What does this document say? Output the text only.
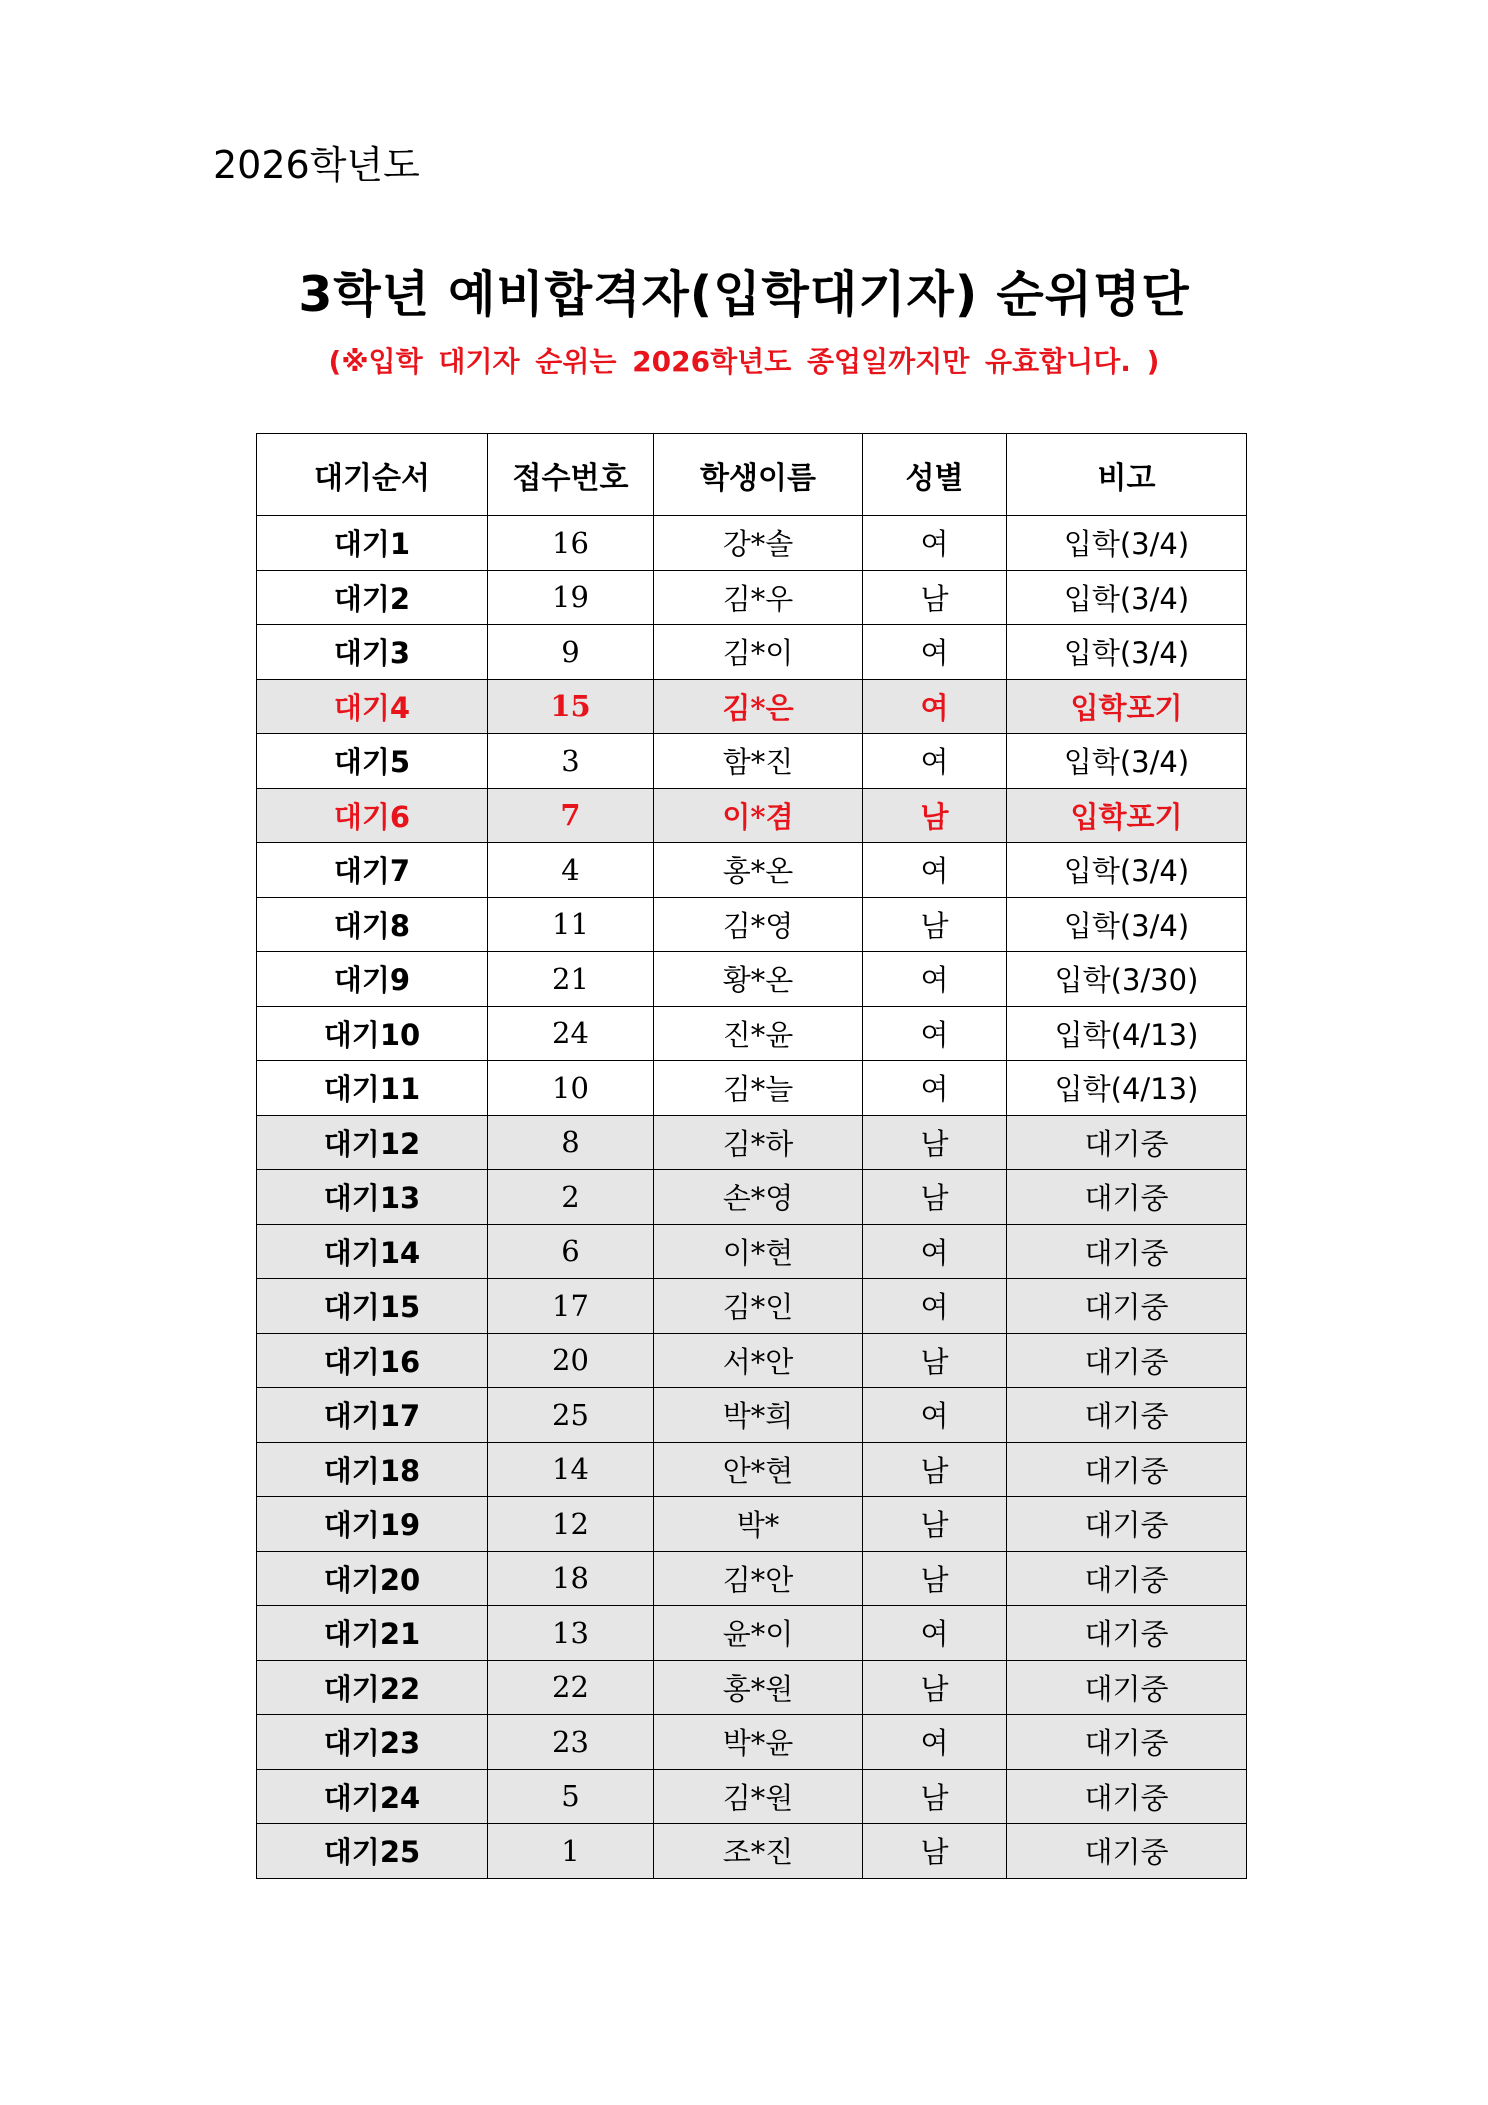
2026학년도
3학년 예비합격자(입학대기자) 순위명단
(※입학 대기자 순위는 2026학년도 종업일까지만 유효합니다. )
대기순서	접수번호	학생이름	성별	비고
대기1	16	강*솔	여	입학(3/4)
대기2	19	김*우	남	입학(3/4)
대기3	9	김*이	여	입학(3/4)
대기4	15	김*은	여	입학포기
대기5	3	함*진	여	입학(3/4)
대기6	7	이*겸	남	입학포기
대기7	4	홍*온	여	입학(3/4)
대기8	11	김*영	남	입학(3/4)
대기9	21	황*온	여	입학(3/30)
대기10	24	진*윤	여	입학(4/13)
대기11	10	김*늘	여	입학(4/13)
대기12	8	김*하	남	대기중
대기13	2	손*영	남	대기중
대기14	6	이*현	여	대기중
대기15	17	김*인	여	대기중
대기16	20	서*안	남	대기중
대기17	25	박*희	여	대기중
대기18	14	안*현	남	대기중
대기19	12	박*	남	대기중
대기20	18	김*안	남	대기중
대기21	13	윤*이	여	대기중
대기22	22	홍*원	남	대기중
대기23	23	박*윤	여	대기중
대기24	5	김*원	남	대기중
대기25	1	조*진	남	대기중
